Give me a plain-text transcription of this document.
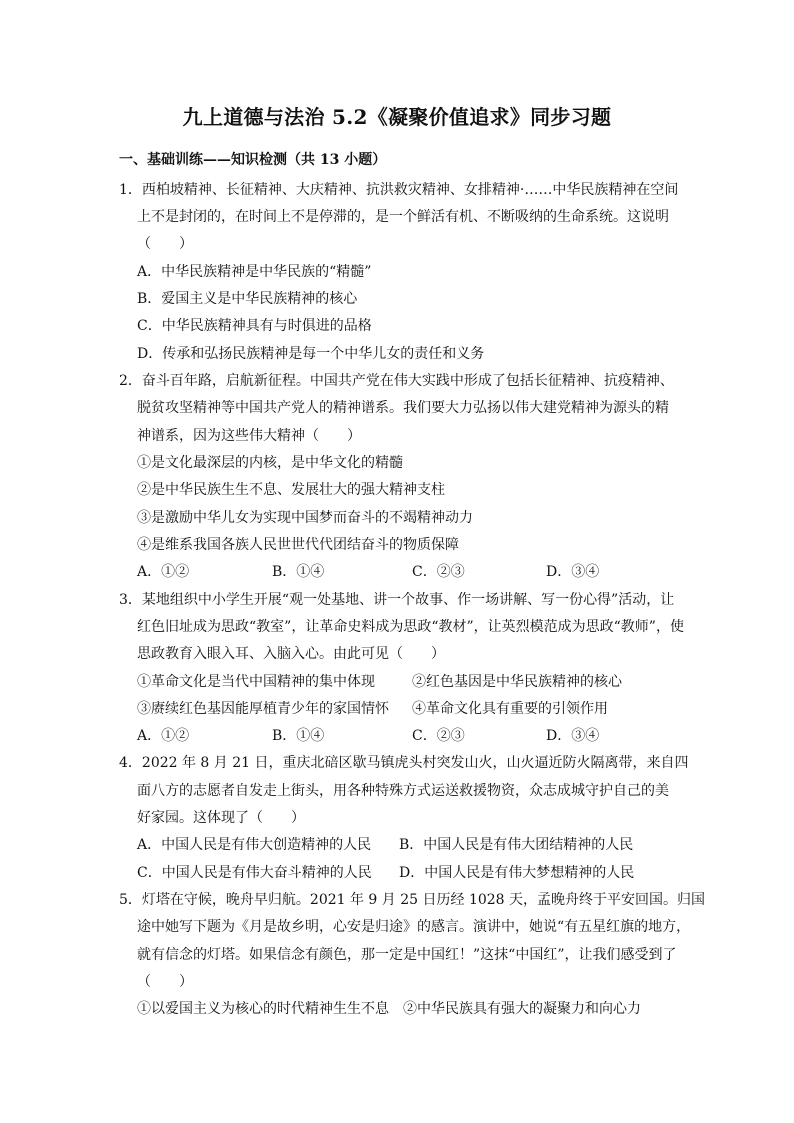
九上道德与法治 5.2《凝聚价值追求》同步习题
一、基础训练——知识检测（共 13 小题）
1．西柏坡精神、长征精神、大庆精神、抗洪救灾精神、女排精神·……中华民族精神在空间
上不是封闭的，在时间上不是停滞的，是一个鲜活有机、不断吸纳的生命系统。这说明
（　　）
A．中华民族精神是中华民族的“精髓”
B．爱国主义是中华民族精神的核心
C．中华民族精神具有与时俱进的品格
D．传承和弘扬民族精神是每一个中华儿女的责任和义务
2．奋斗百年路，启航新征程。中国共产党在伟大实践中形成了包括长征精神、抗疫精神、
脱贫攻坚精神等中国共产党人的精神谱系。我们要大力弘扬以伟大建党精神为源头的精
神谱系，因为这些伟大精神（　　）
①是文化最深层的内核，是中华文化的精髓
②是中华民族生生不息、发展壮大的强大精神支柱
③是激励中华儿女为实现中国梦而奋斗的不竭精神动力
④是维系我国各族人民世世代代团结奋斗的物质保障
A．①②	B．①④	C．②③	D．③④
3．某地组织中小学生开展“观一处基地、讲一个故事、作一场讲解、写一份心得”活动，让
红色旧址成为思政“教室”，让革命史料成为思政“教材”，让英烈模范成为思政“教师”，使
思政教育入眼入耳、入脑入心。由此可见（　　）
①革命文化是当代中国精神的集中体现	②红色基因是中华民族精神的核心
③赓续红色基因能厚植青少年的家国情怀 ④革命文化具有重要的引领作用
A．①②	B．①④	C．②③	D．③④
4．2022 年 8 月 21 日，重庆北碚区歇马镇虎头村突发山火，山火逼近防火隔离带，来自四
面八方的志愿者自发走上街头，用各种特殊方式运送救援物资，众志成城守护自己的美
好家园。这体现了（　　）
A．中国人民是有伟大创造精神的人民 B．中国人民是有伟大团结精神的人民
C．中国人民是有伟大奋斗精神的人民 D．中国人民是有伟大梦想精神的人民
5．灯塔在守候，晚舟早归航。2021 年 9 月 25 日历经 1028 天，孟晚舟终于平安回国。归国
途中她写下题为《月是故乡明，心安是归途》的感言。演讲中，她说“有五星红旗的地方，
就有信念的灯塔。如果信念有颜色，那一定是中国红！”这抹“中国红”，让我们感受到了
（　　）
①以爱国主义为核心的时代精神生生不息 ②中华民族具有强大的凝聚力和向心力
